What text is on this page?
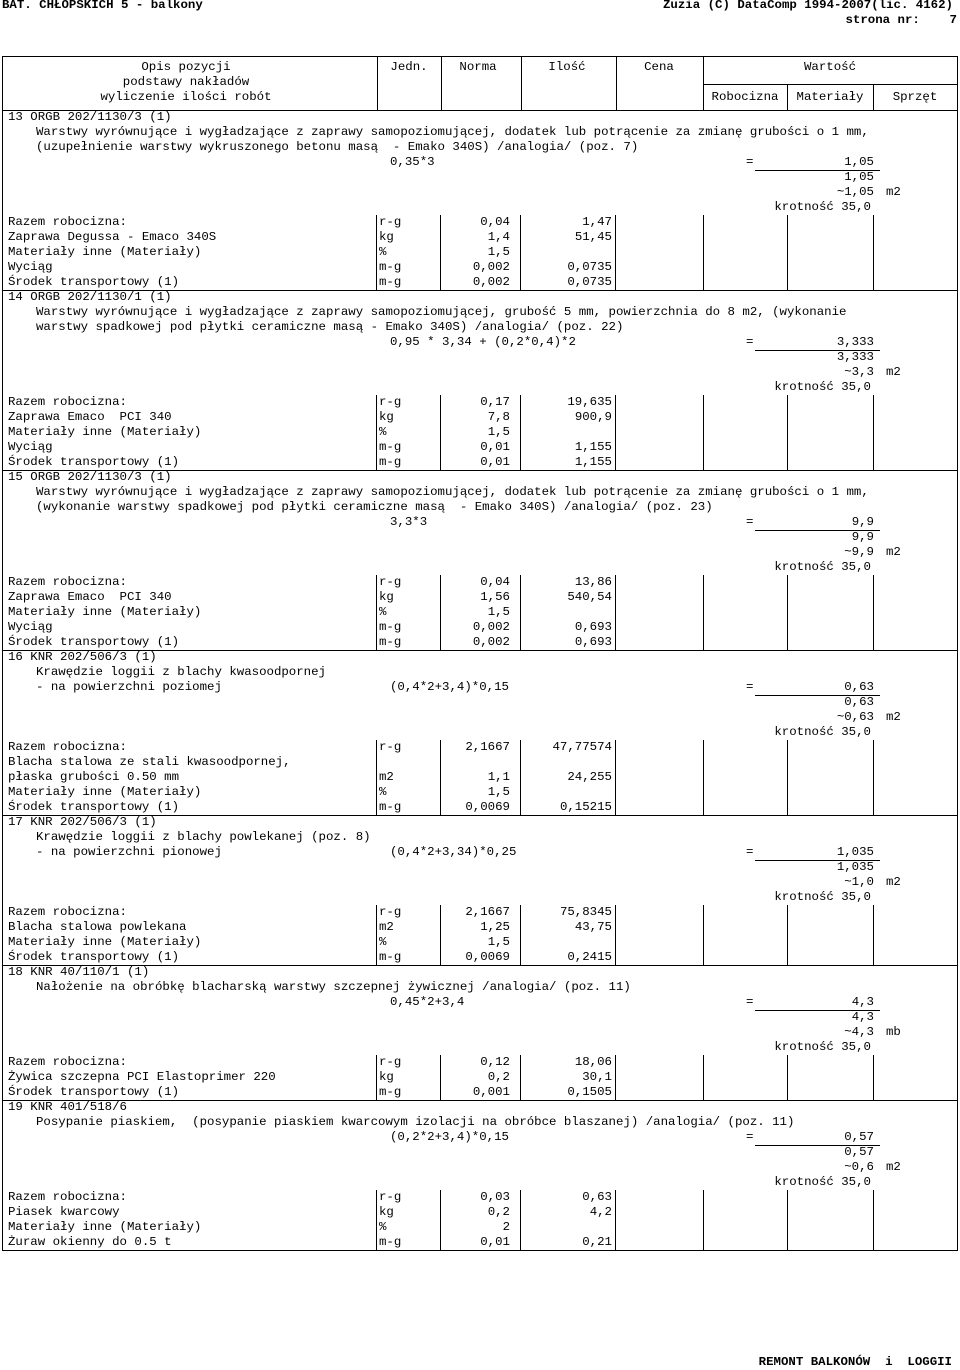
BAT. CHŁOPSKICH 5 - balkony	Zuzia (C) DataComp 1994-2007(lic. 4162)
strona nr:    7
Opis pozycji
podstawy nakładów
wyliczenie ilości robót
Jedn.	Norma	Ilość	Cena	Wartość
Robocizna	Materiały	Sprzęt
13 ORGB 202/1130/3 (1)
Warstwy wyrównujące i wygładzające z zaprawy samopoziomującej, dodatek lub potrącenie za zmianę grubości o 1 mm,
(uzupełnienie warstwy wykruszonego betonu masą  - Emako 340S) /analogia/ (poz. 7)
0,35*3	=	1,05
1,05
~1,05 m2
krotność 35,0
Razem robocizna:	r-g	0,04	1,47
Zaprawa Degussa - Emaco 340S	kg	1,4	51,45
Materiały inne (Materiały)	%	1,5
Wyciąg	m-g	0,002	0,0735
Środek transportowy (1)	m-g	0,002	0,0735
14 ORGB 202/1130/1 (1)
Warstwy wyrównujące i wygładzające z zaprawy samopoziomującej, grubość 5 mm, powierzchnia do 8 m2, (wykonanie
warstwy spadkowej pod płytki ceramiczne masą - Emako 340S) /analogia/ (poz. 22)
0,95 * 3,34 + (0,2*0,4)*2	=	3,333
3,333
~3,3 m2
krotność 35,0
Razem robocizna:	r-g	0,17	19,635
Zaprawa Emaco  PCI 340	kg	7,8	900,9
Materiały inne (Materiały)	%	1,5
Wyciąg	m-g	0,01	1,155
Środek transportowy (1)	m-g	0,01	1,155
15 ORGB 202/1130/3 (1)
Warstwy wyrównujące i wygładzające z zaprawy samopoziomującej, dodatek lub potrącenie za zmianę grubości o 1 mm,
(wykonanie warstwy spadkowej pod płytki ceramiczne masą  - Emako 340S) /analogia/ (poz. 23)
3,3*3	=	9,9
9,9
~9,9 m2
krotność 35,0
Razem robocizna:	r-g	0,04	13,86
Zaprawa Emaco  PCI 340	kg	1,56	540,54
Materiały inne (Materiały)	%	1,5
Wyciąg	m-g	0,002	0,693
Środek transportowy (1)	m-g	0,002	0,693
16 KNR 202/506/3 (1)
Krawędzie loggii z blachy kwasoodpornej
- na powierzchni poziomej	(0,4*2+3,4)*0,15	=	0,63
0,63
~0,63 m2
krotność 35,0
Razem robocizna:	r-g	2,1667	47,77574
Blacha stalowa ze stali kwasoodpornej,
płaska grubości 0.50 mm	m2	1,1	24,255
Materiały inne (Materiały)	%	1,5
Środek transportowy (1)	m-g	0,0069	0,15215
17 KNR 202/506/3 (1)
Krawędzie loggii z blachy powlekanej (poz. 8)
- na powierzchni pionowej	(0,4*2+3,34)*0,25	=	1,035
1,035
~1,0 m2
krotność 35,0
Razem robocizna:	r-g	2,1667	75,8345
Blacha stalowa powlekana	m2	1,25	43,75
Materiały inne (Materiały)	%	1,5
Środek transportowy (1)	m-g	0,0069	0,2415
18 KNR 40/110/1 (1)
Nałożenie na obróbkę blacharską warstwy szczepnej żywicznej /analogia/ (poz. 11)
0,45*2+3,4	=	4,3
4,3
~4,3 mb
krotność 35,0
Razem robocizna:	r-g	0,12	18,06
Żywica szczepna PCI Elastoprimer 220	kg	0,2	30,1
Środek transportowy (1)	m-g	0,001	0,1505
19 KNR 401/518/6
Posypanie piaskiem,  (posypanie piaskiem kwarcowym izolacji na obróbce blaszanej) /analogia/ (poz. 11)
(0,2*2+3,4)*0,15	=	0,57
0,57
~0,6 m2
krotność 35,0
Razem robocizna:	r-g	0,03	0,63
Piasek kwarcowy	kg	0,2	4,2
Materiały inne (Materiały)	%	2
Żuraw okienny do 0.5 t	m-g	0,01	0,21
REMONT BALKONÓW  i  LOGGII
